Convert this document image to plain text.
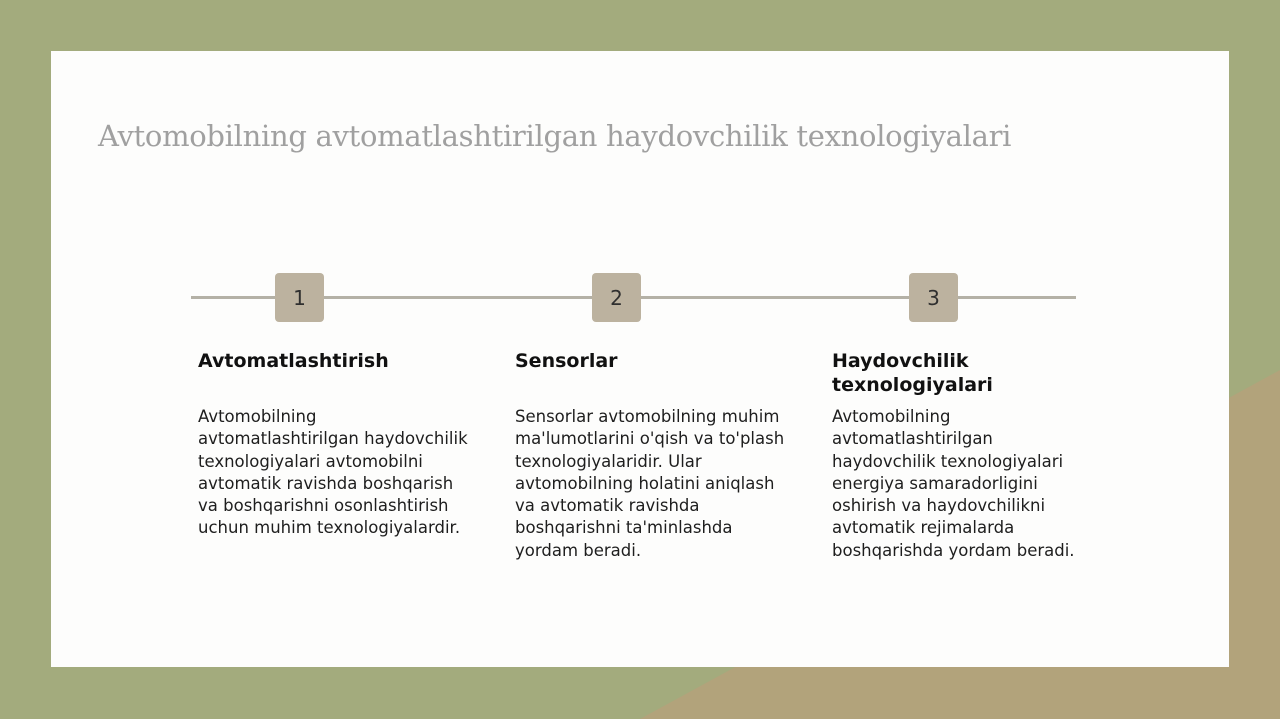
Avtomobilning avtomatlashtirilgan haydovchilik texnologiyalari
1	2	3
Avtomatlashtirish
Avtomobilning avtomatlashtirilgan haydovchilik texnologiyalari avtomobilni avtomatik ravishda boshqarish va boshqarishni osonlashtirish uchun muhim texnologiyalardir.
Sensorlar
Sensorlar avtomobilning muhim ma'lumotlarini o'qish va to'plash texnologiyalaridir. Ular avtomobilning holatini aniqlash va avtomatik ravishda boshqarishni ta'minlashda yordam beradi.
Haydovchilik texnologiyalari
Avtomobilning avtomatlashtirilgan haydovchilik texnologiyalari energiya samaradorligini oshirish va haydovchilikni avtomatik rejimalarda boshqarishda yordam beradi.
